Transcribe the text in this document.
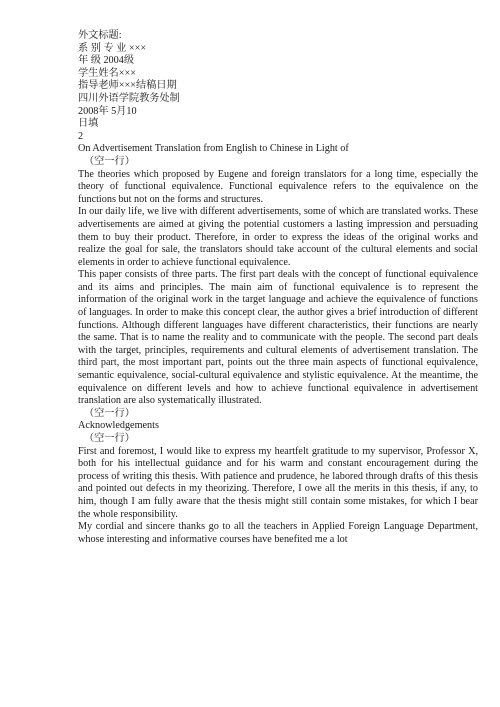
外文标题:
系 别 专 业 ×××
年 级 2004级
学生姓名×××
指导老师×××结稿日期
四川外语学院教务处制
2008年 5月10
日填
2
On Advertisement Translation from English to Chinese in Light of
（空一行）

The theories which proposed by Eugene and foreign translators for a long time, especially the theory of functional equivalence. Functional equivalence refers to the equivalence on the functions but not on the forms and structures.

In our daily life, we live with different advertisements, some of which are translated works. These advertisements are aimed at giving the potential customers a lasting impression and persuading them to buy their product. Therefore, in order to express the ideas of the original works and realize the goal for sale, the translators should take account of the cultural elements and social elements in order to achieve functional equivalence.

This paper consists of three parts. The first part deals with the concept of functional equivalence and its aims and principles. The main aim of functional equivalence is to represent the information of the original work in the target language and achieve the equivalence of functions of languages. In order to make this concept clear, the author gives a brief introduction of different functions. Although different languages have different characteristics, their functions are nearly the same. That is to name the reality and to communicate with the people. The second part deals with the target, principles, requirements and cultural elements of advertisement translation. The third part, the most important part, points out the three main aspects of functional equivalence, semantic equivalence, social-cultural equivalence and stylistic equivalence. At the meantime, the equivalence on different levels and how to achieve functional equivalence in advertisement translation are also systematically illustrated.

（空一行）
Acknowledgements
（空一行）

First and foremost, I would like to express my heartfelt gratitude to my supervisor, Professor X, both for his intellectual guidance and for his warm and constant encouragement during the process of writing this thesis. With patience and prudence, he labored through drafts of this thesis and pointed out defects in my theorizing. Therefore, I owe all the merits in this thesis, if any, to him, though I am fully aware that the thesis might still contain some mistakes, for which I bear the whole responsibility.

My cordial and sincere thanks go to all the teachers in Applied Foreign Language Department, whose interesting and informative courses have benefited me a lot
